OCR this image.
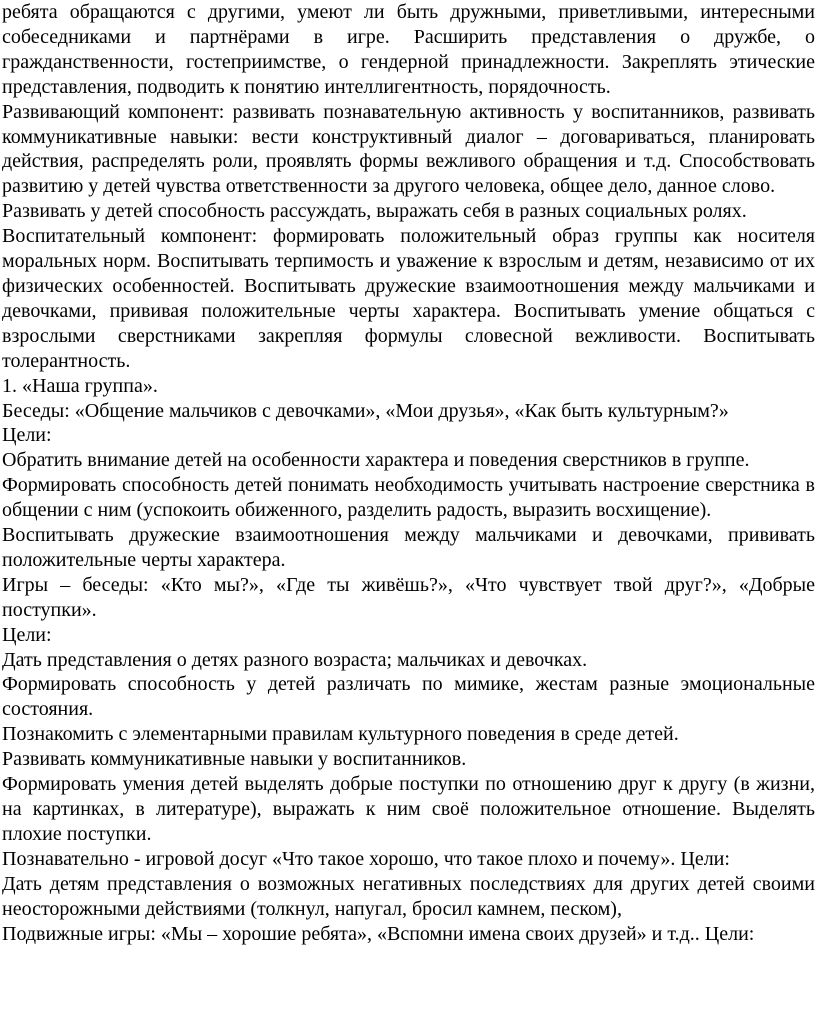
ребята обращаются с другими, умеют ли быть дружными, приветливыми, интересными собеседниками и партнёрами в игре. Расширить представления о дружбе, о гражданственности, гостеприимстве, о гендерной принадлежности. Закреплять этические представления, подводить к понятию интеллигентность, порядочность.

Развивающий компонент: развивать познавательную активность у воспитанников, развивать коммуникативные навыки: вести конструктивный диалог – договариваться, планировать действия, распределять роли, проявлять формы вежливого обращения и т.д. Способствовать развитию у детей чувства ответственности за другого человека, общее дело, данное слово.

Развивать у детей способность рассуждать, выражать себя в разных социальных ролях.

Воспитательный компонент: формировать положительный образ группы как носителя моральных норм. Воспитывать терпимость и уважение к взрослым и детям, независимо от их физических особенностей. Воспитывать дружеские взаимоотношения между мальчиками и девочками, прививая положительные черты характера. Воспитывать умение общаться с взрослыми сверстниками закрепляя формулы словесной вежливости. Воспитывать толерантность.

1. «Наша группа».

Беседы: «Общение мальчиков с девочками», «Мои друзья», «Как быть культурным?»

Цели:

Обратить внимание детей на особенности характера и поведения сверстников в группе.

Формировать способность детей понимать необходимость учитывать настроение сверстника в общении с ним (успокоить обиженного, разделить радость, выразить восхищение).

Воспитывать дружеские взаимоотношения между мальчиками и девочками, прививать положительные черты характера.

Игры – беседы: «Кто мы?», «Где ты живёшь?», «Что чувствует твой друг?», «Добрые поступки».

Цели:

Дать представления о детях разного возраста; мальчиках и девочках.

Формировать способность у детей различать по мимике, жестам разные эмоциональные состояния.

Познакомить с элементарными правилам культурного поведения в среде детей.

Развивать коммуникативные навыки у воспитанников.

Формировать умения детей выделять добрые поступки по отношению друг к другу (в жизни, на картинках, в литературе), выражать к ним своё положительное отношение. Выделять плохие поступки.

Познавательно - игровой досуг «Что такое хорошо, что такое плохо и почему». Цели:

Дать детям представления о возможных негативных последствиях для других детей своими неосторожными действиями (толкнул, напугал, бросил камнем, песком),

Подвижные игры: «Мы – хорошие ребята», «Вспомни имена своих друзей» и т.д.. Цели:
